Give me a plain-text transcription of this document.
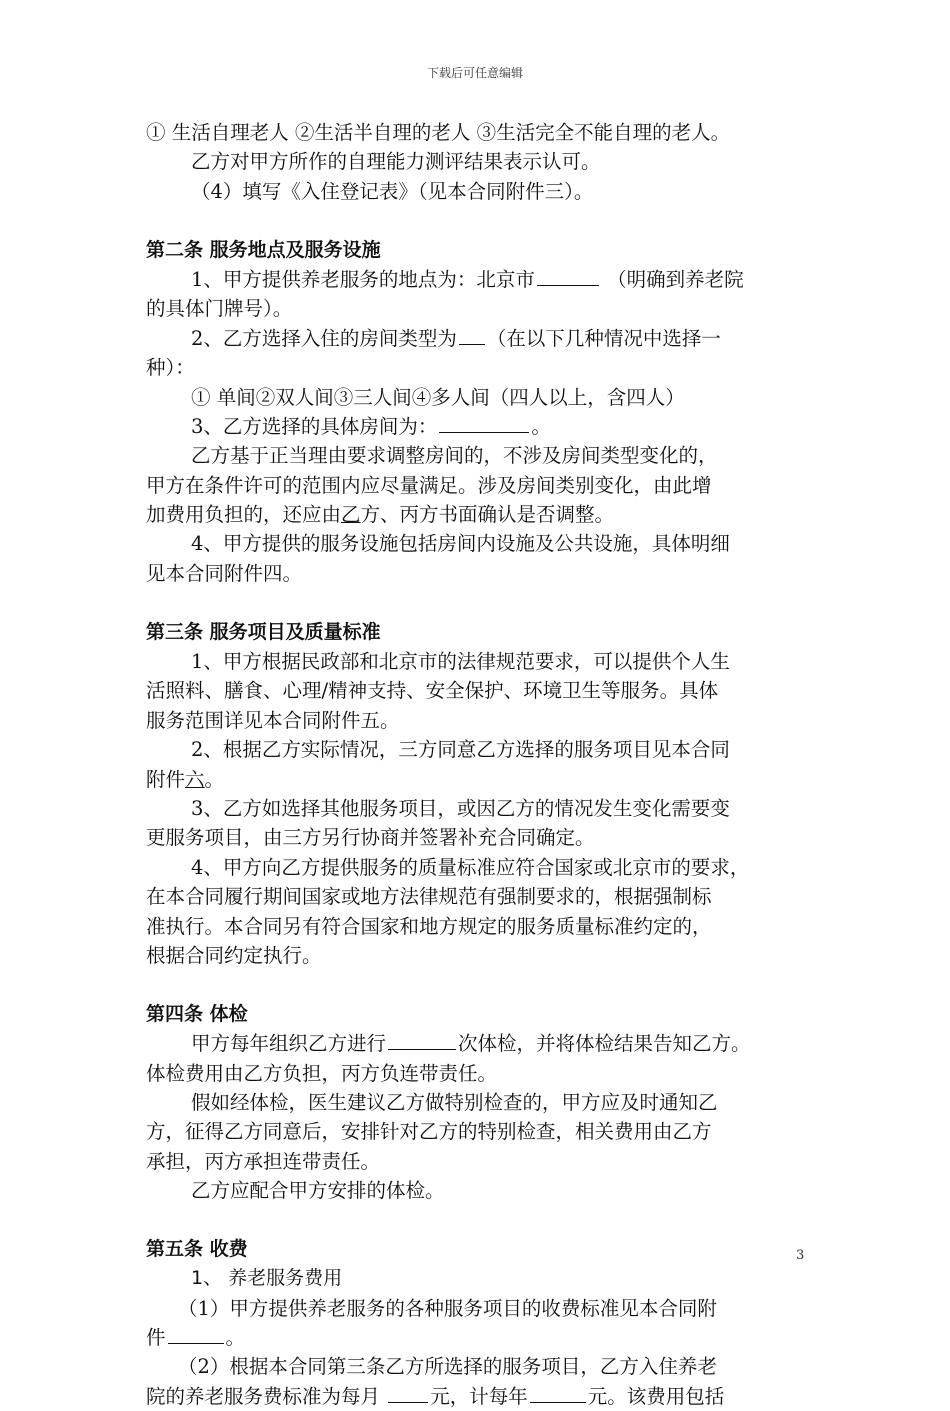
下载后可任意编辑
① 生活自理老人 ②生活半自理的老人 ③生活完全不能自理的老人。
乙方对甲方所作的自理能力测评结果表示认可。
（4）填写《入住登记表》（见本合同附件三）。
第二条 服务地点及服务设施
1、甲方提供养老服务的地点为：北京市	（明确到养老院
的具体门牌号）。
2、乙方选择入住的房间类型为 （在以下几种情况中选择一
种）：
① 单间②双人间③三人间④多人间（四人以上，含四人）
3、乙方选择的具体房间为：	。
乙方基于正当理由要求调整房间的，不涉及房间类型变化的，
甲方在条件许可的范围内应尽量满足。涉及房间类别变化，由此增
加费用负担的，还应由乙方、丙方书面确认是否调整。
4、甲方提供的服务设施包括房间内设施及公共设施，具体明细
见本合同附件四。
第三条 服务项目及质量标准
1、甲方根据民政部和北京市的法律规范要求，可以提供个人生
活照料、膳食、心理/精神支持、安全保护、环境卫生等服务。具体
服务范围详见本合同附件五。
2、根据乙方实际情况，三方同意乙方选择的服务项目见本合同
附件六。
3、乙方如选择其他服务项目，或因乙方的情况发生变化需要变
更服务项目，由三方另行协商并签署补充合同确定。
4、甲方向乙方提供服务的质量标准应符合国家或北京市的要求，
在本合同履行期间国家或地方法律规范有强制要求的，根据强制标
准执行。本合同另有符合国家和地方规定的服务质量标准约定的，
根据合同约定执行。
第四条 体检
甲方每年组织乙方进行	次体检，并将体检结果告知乙方。
体检费用由乙方负担，丙方负连带责任。
假如经体检，医生建议乙方做特别检查的，甲方应及时通知乙
方，征得乙方同意后，安排针对乙方的特别检查，相关费用由乙方
承担，丙方承担连带责任。
乙方应配合甲方安排的体检。
第五条 收费
1、 养老服务费用
（1）甲方提供养老服务的各种服务项目的收费标准见本合同附
件	。
（2）根据本合同第三条乙方所选择的服务项目，乙方入住养老
院的养老服务费标准为每月 元，计每年	元。该费用包括
3
